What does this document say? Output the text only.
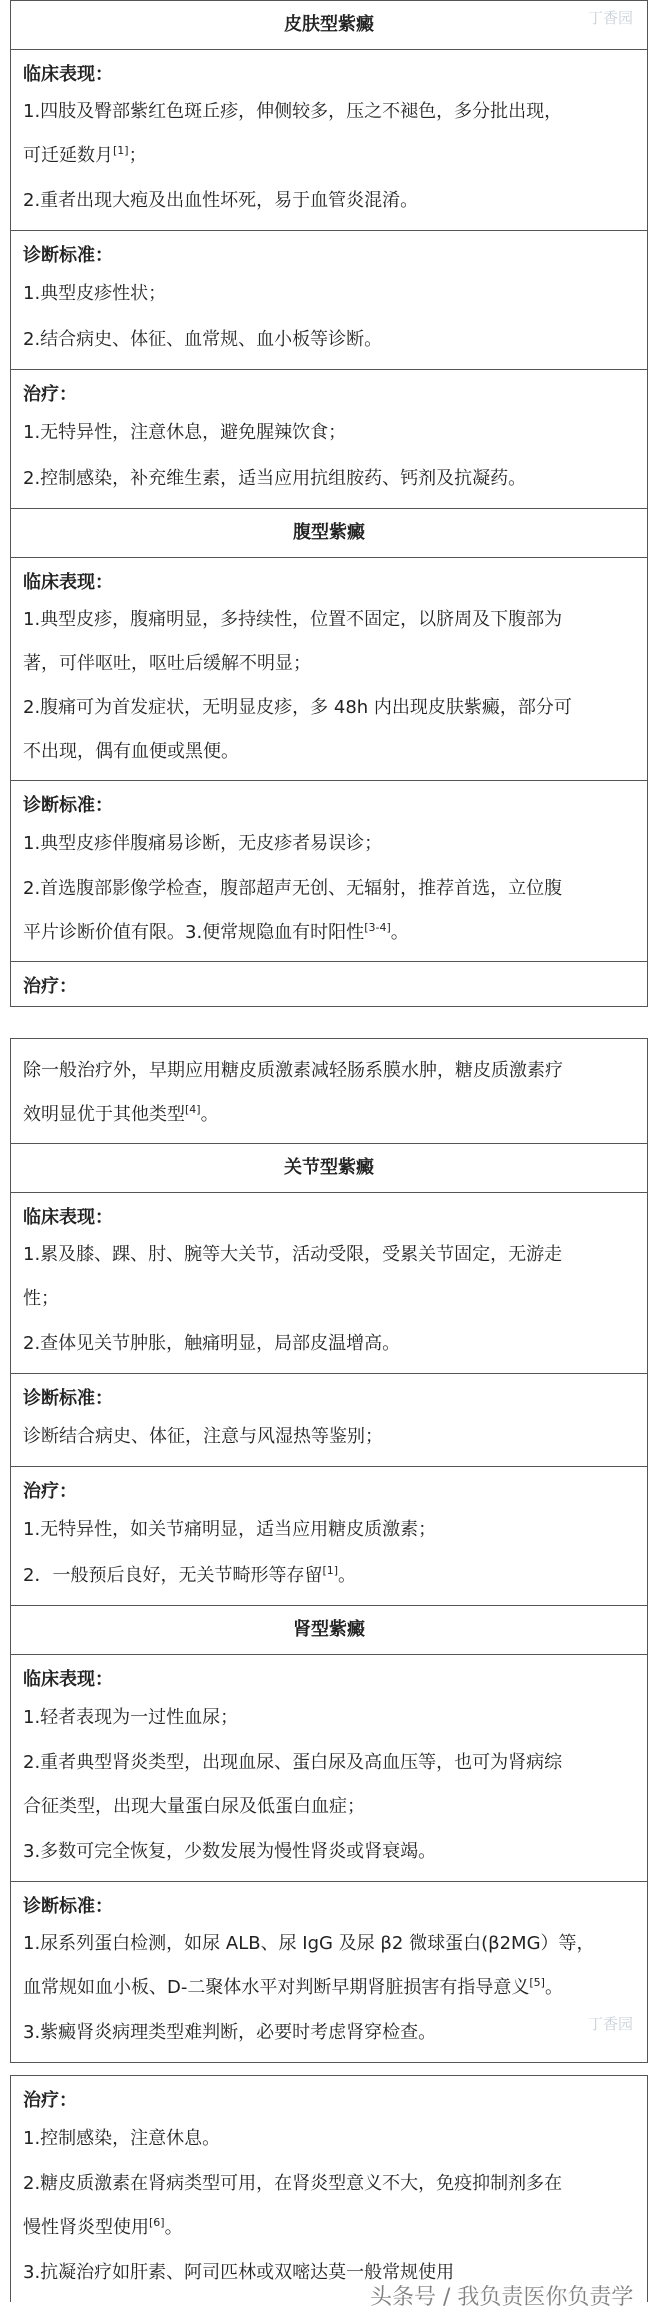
皮肤型紫癜
临床表现：
1.四肢及臀部紫红色斑丘疹，伸侧较多，压之不褪色，多分批出现，
可迁延数月[1]；
2.重者出现大疱及出血性坏死，易于血管炎混淆。
诊断标准：
1.典型皮疹性状；
2.结合病史、体征、血常规、血小板等诊断。
治疗：
1.无特异性，注意休息，避免腥辣饮食；
2.控制感染，补充维生素，适当应用抗组胺药、钙剂及抗凝药。
腹型紫癜
临床表现：
1.典型皮疹，腹痛明显，多持续性，位置不固定，以脐周及下腹部为
著，可伴呕吐，呕吐后缓解不明显；
2.腹痛可为首发症状，无明显皮疹，多 48h 内出现皮肤紫癜，部分可
不出现，偶有血便或黑便。
诊断标准：
1.典型皮疹伴腹痛易诊断，无皮疹者易误诊；
2.首选腹部影像学检查，腹部超声无创、无辐射，推荐首选，立位腹
平片诊断价值有限。3.便常规隐血有时阳性[3-4]。
治疗：
丁香园
除一般治疗外，早期应用糖皮质激素减轻肠系膜水肿，糖皮质激素疗
效明显优于其他类型[4]。
关节型紫癜
临床表现：
1.累及膝、踝、肘、腕等大关节，活动受限，受累关节固定，无游走
性；
2.查体见关节肿胀，触痛明显，局部皮温增高。
诊断标准：
诊断结合病史、体征，注意与风湿热等鉴别；
治疗：
1.无特异性，如关节痛明显，适当应用糖皮质激素；
2．一般预后良好，无关节畸形等存留[1]。
肾型紫癜
临床表现：
1.轻者表现为一过性血尿；
2.重者典型肾炎类型，出现血尿、蛋白尿及高血压等，也可为肾病综
合征类型，出现大量蛋白尿及低蛋白血症；
3.多数可完全恢复，少数发展为慢性肾炎或肾衰竭。
诊断标准：
1.尿系列蛋白检测，如尿 ALB、尿 IgG 及尿 β2 微球蛋白(β2MG）等，
血常规如血小板、D-二聚体水平对判断早期肾脏损害有指导意义[5]。
3.紫癜肾炎病理类型难判断，必要时考虑肾穿检查。	丁香园
治疗：
1.控制感染，注意休息。
2.糖皮质激素在肾病类型可用，在肾炎型意义不大，免疫抑制剂多在
慢性肾炎型使用[6]。
3.抗凝治疗如肝素、阿司匹林或双嘧达莫一般常规使用
头条号 / 我负责医你负责学
